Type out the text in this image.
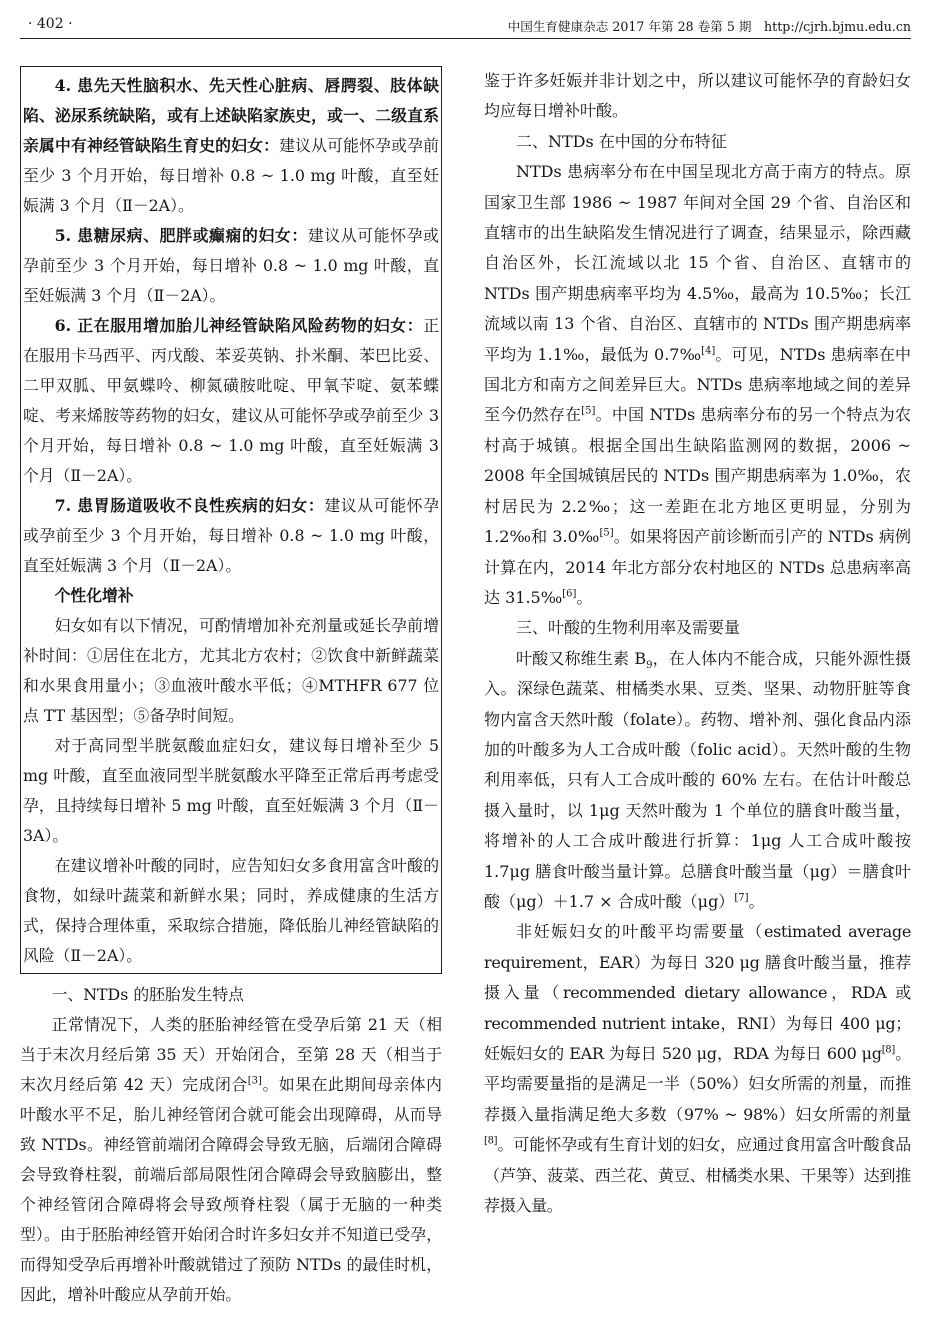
· 402 ·	中国生育健康杂志 2017 年第 28 卷第 5 期　http://cjrh.bjmu.edu.cn

4. 患先天性脑积水、先天性心脏病、唇腭裂、肢体缺陷、泌尿系统缺陷，或有上述缺陷家族史，或一、二级直系亲属中有神经管缺陷生育史的妇女：建议从可能怀孕或孕前至少 3 个月开始，每日增补 0.8 ~ 1.0 mg 叶酸，直至妊娠满 3 个月（Ⅱ－2A）。

5. 患糖尿病、肥胖或癫痫的妇女：建议从可能怀孕或孕前至少 3 个月开始，每日增补 0.8 ~ 1.0 mg 叶酸，直至妊娠满 3 个月（Ⅱ－2A）。

6. 正在服用增加胎儿神经管缺陷风险药物的妇女：正在服用卡马西平、丙戊酸、苯妥英钠、扑米酮、苯巴比妥、二甲双胍、甲氨蝶呤、柳氮磺胺吡啶、甲氧苄啶、氨苯蝶啶、考来烯胺等药物的妇女，建议从可能怀孕或孕前至少 3 个月开始，每日增补 0.8 ~ 1.0 mg 叶酸，直至妊娠满 3 个月（Ⅱ－2A）。

7. 患胃肠道吸收不良性疾病的妇女：建议从可能怀孕或孕前至少 3 个月开始，每日增补 0.8 ~ 1.0 mg 叶酸，直至妊娠满 3 个月（Ⅱ－2A）。

个性化增补

妇女如有以下情况，可酌情增加补充剂量或延长孕前增补时间：①居住在北方，尤其北方农村；②饮食中新鲜蔬菜和水果食用量小；③血液叶酸水平低；④MTHFR 677 位点 TT 基因型；⑤备孕时间短。

对于高同型半胱氨酸血症妇女，建议每日增补至少 5 mg 叶酸，直至血液同型半胱氨酸水平降至正常后再考虑受孕，且持续每日增补 5 mg 叶酸，直至妊娠满 3 个月（Ⅱ－3A）。

在建议增补叶酸的同时，应告知妇女多食用富含叶酸的食物，如绿叶蔬菜和新鲜水果；同时，养成健康的生活方式，保持合理体重，采取综合措施，降低胎儿神经管缺陷的风险（Ⅱ－2A）。

一、NTDs 的胚胎发生特点

正常情况下，人类的胚胎神经管在受孕后第 21 天（相当于末次月经后第 35 天）开始闭合，至第 28 天（相当于末次月经后第 42 天）完成闭合[3]。如果在此期间母亲体内叶酸水平不足，胎儿神经管闭合就可能会出现障碍，从而导致 NTDs。神经管前端闭合障碍会导致无脑，后端闭合障碍会导致脊柱裂，前端后部局限性闭合障碍会导致脑膨出，整个神经管闭合障碍将会导致颅脊柱裂（属于无脑的一种类型）。由于胚胎神经管开始闭合时许多妇女并不知道已受孕，而得知受孕后再增补叶酸就错过了预防 NTDs 的最佳时机，因此，增补叶酸应从孕前开始。

鉴于许多妊娠并非计划之中，所以建议可能怀孕的育龄妇女均应每日增补叶酸。

二、NTDs 在中国的分布特征

NTDs 患病率分布在中国呈现北方高于南方的特点。原国家卫生部 1986 ~ 1987 年间对全国 29 个省、自治区和直辖市的出生缺陷发生情况进行了调查，结果显示，除西藏自治区外，长江流域以北 15 个省、自治区、直辖市的 NTDs 围产期患病率平均为 4.5‰，最高为 10.5‰；长江流域以南 13 个省、自治区、直辖市的 NTDs 围产期患病率平均为 1.1‰，最低为 0.7‰[4]。可见，NTDs 患病率在中国北方和南方之间差异巨大。NTDs 患病率地域之间的差异至今仍然存在[5]。中国 NTDs 患病率分布的另一个特点为农村高于城镇。根据全国出生缺陷监测网的数据，2006 ~ 2008 年全国城镇居民的 NTDs 围产期患病率为 1.0‰，农村居民为 2.2‰；这一差距在北方地区更明显，分别为 1.2‰和 3.0‰[5]。如果将因产前诊断而引产的 NTDs 病例计算在内，2014 年北方部分农村地区的 NTDs 总患病率高达 31.5‰[6]。

三、叶酸的生物利用率及需要量

叶酸又称维生素 $B_9$，在人体内不能合成，只能外源性摄入。深绿色蔬菜、柑橘类水果、豆类、坚果、动物肝脏等食物内富含天然叶酸（folate）。药物、增补剂、强化食品内添加的叶酸多为人工合成叶酸（folic acid）。天然叶酸的生物利用率低，只有人工合成叶酸的 60% 左右。在估计叶酸总摄入量时，以 1μg 天然叶酸为 1 个单位的膳食叶酸当量，将增补的人工合成叶酸进行折算：1μg 人工合成叶酸按 1.7μg 膳食叶酸当量计算。总膳食叶酸当量（μg）＝膳食叶酸（μg）＋1.7 × 合成叶酸（μg）[7]。

非妊娠妇女的叶酸平均需要量（estimated average requirement，EAR）为每日 320 μg 膳食叶酸当量，推荐摄入量（recommended dietary allowance，RDA 或 recommended nutrient intake，RNI）为每日 400 μg；妊娠妇女的 EAR 为每日 520 μg，RDA 为每日 600 μg[8]。平均需要量指的是满足一半（50%）妇女所需的剂量，而推荐摄入量指满足绝大多数（97% ~ 98%）妇女所需的剂量[8]。可能怀孕或有生育计划的妇女，应通过食用富含叶酸食品（芦笋、菠菜、西兰花、黄豆、柑橘类水果、干果等）达到推荐摄入量。
